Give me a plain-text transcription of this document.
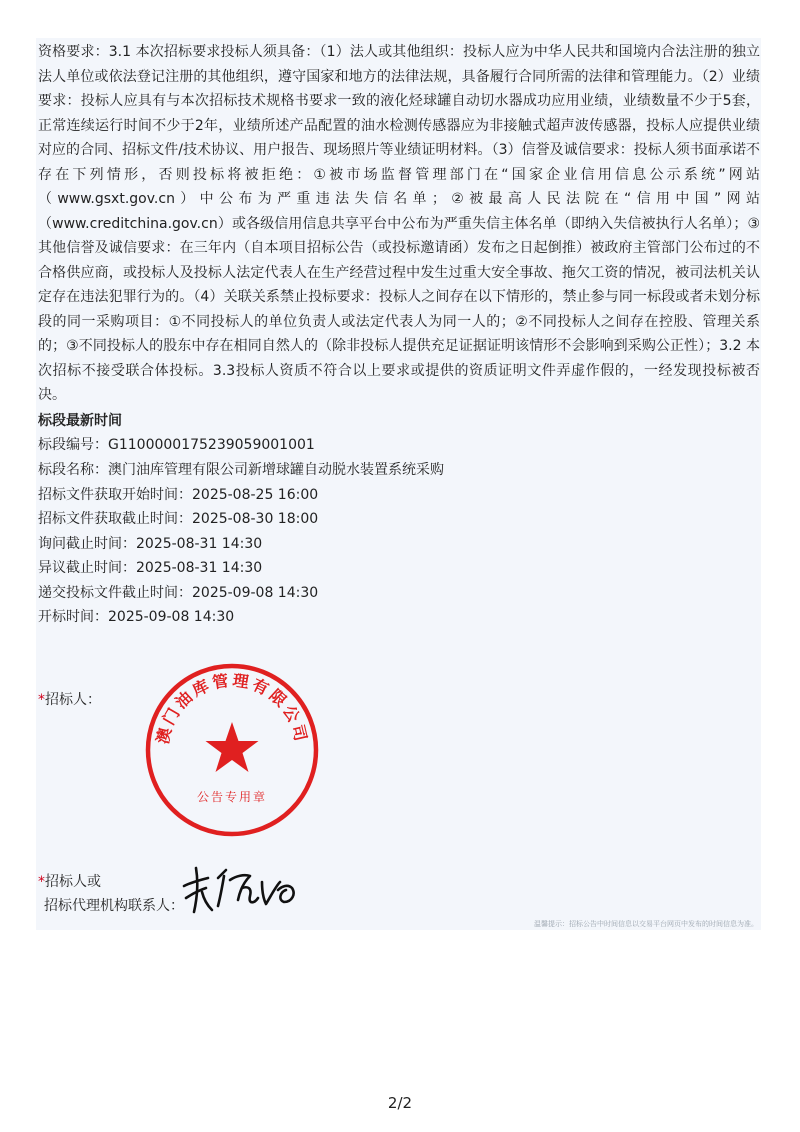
资格要求：3.1 本次招标要求投标人须具备：（1）法人或其他组织：投标人应为中华人民共和国境内合法注册的独立法人单位或依法登记注册的其他组织，遵守国家和地方的法律法规，具备履行合同所需的法律和管理能力。（2）业绩要求：投标人应具有与本次招标技术规格书要求一致的液化烃球罐自动切水器成功应用业绩，业绩数量不少于5套，正常连续运行时间不少于2年，业绩所述产品配置的油水检测传感器应为非接触式超声波传感器，投标人应提供业绩对应的合同、招标文件/技术协议、用户报告、现场照片等业绩证明材料。（3）信誉及诚信要求：投标人须书面承诺不存在下列情形，否则投标将被拒绝：①被市场监督管理部门在“国家企业信用信息公示系统”网站（www.gsxt.gov.cn）中公布为严重违法失信名单；②被最高人民法院在“信用中国”网站（www.creditchina.gov.cn）或各级信用信息共享平台中公布为严重失信主体名单（即纳入失信被执行人名单）；③其他信誉及诚信要求：在三年内（自本项目招标公告（或投标邀请函）发布之日起倒推）被政府主管部门公布过的不合格供应商，或投标人及投标人法定代表人在生产经营过程中发生过重大安全事故、拖欠工资的情况，被司法机关认定存在违法犯罪行为的。（4）关联关系禁止投标要求：投标人之间存在以下情形的，禁止参与同一标段或者未划分标段的同一采购项目：①不同投标人的单位负责人或法定代表人为同一人的；②不同投标人之间存在控股、管理关系的；③不同投标人的股东中存在相同自然人的（除非投标人提供充足证据证明该情形不会影响到采购公正性）；3.2 本次招标不接受联合体投标。3.3投标人资质不符合以上要求或提供的资质证明文件弄虚作假的，一经发现投标被否决。

标段最新时间
标段编号：G1100000175239059001001
标段名称：澳门油库管理有限公司新增球罐自动脱水装置系统采购
招标文件获取开始时间：2025-08-25 16:00
招标文件获取截止时间：2025-08-30 18:00
询问截止时间：2025-08-31 14:30
异议截止时间：2025-08-31 14:30
递交投标文件截止时间：2025-09-08 14:30
开标时间：2025-09-08 14:30
*招标人：
澳门油库管理有限公司
公告专用章
*招标人或
招标代理机构联系人：
温馨提示：招标公告中时间信息以交易平台网页中发布的时间信息为准。
2/2
